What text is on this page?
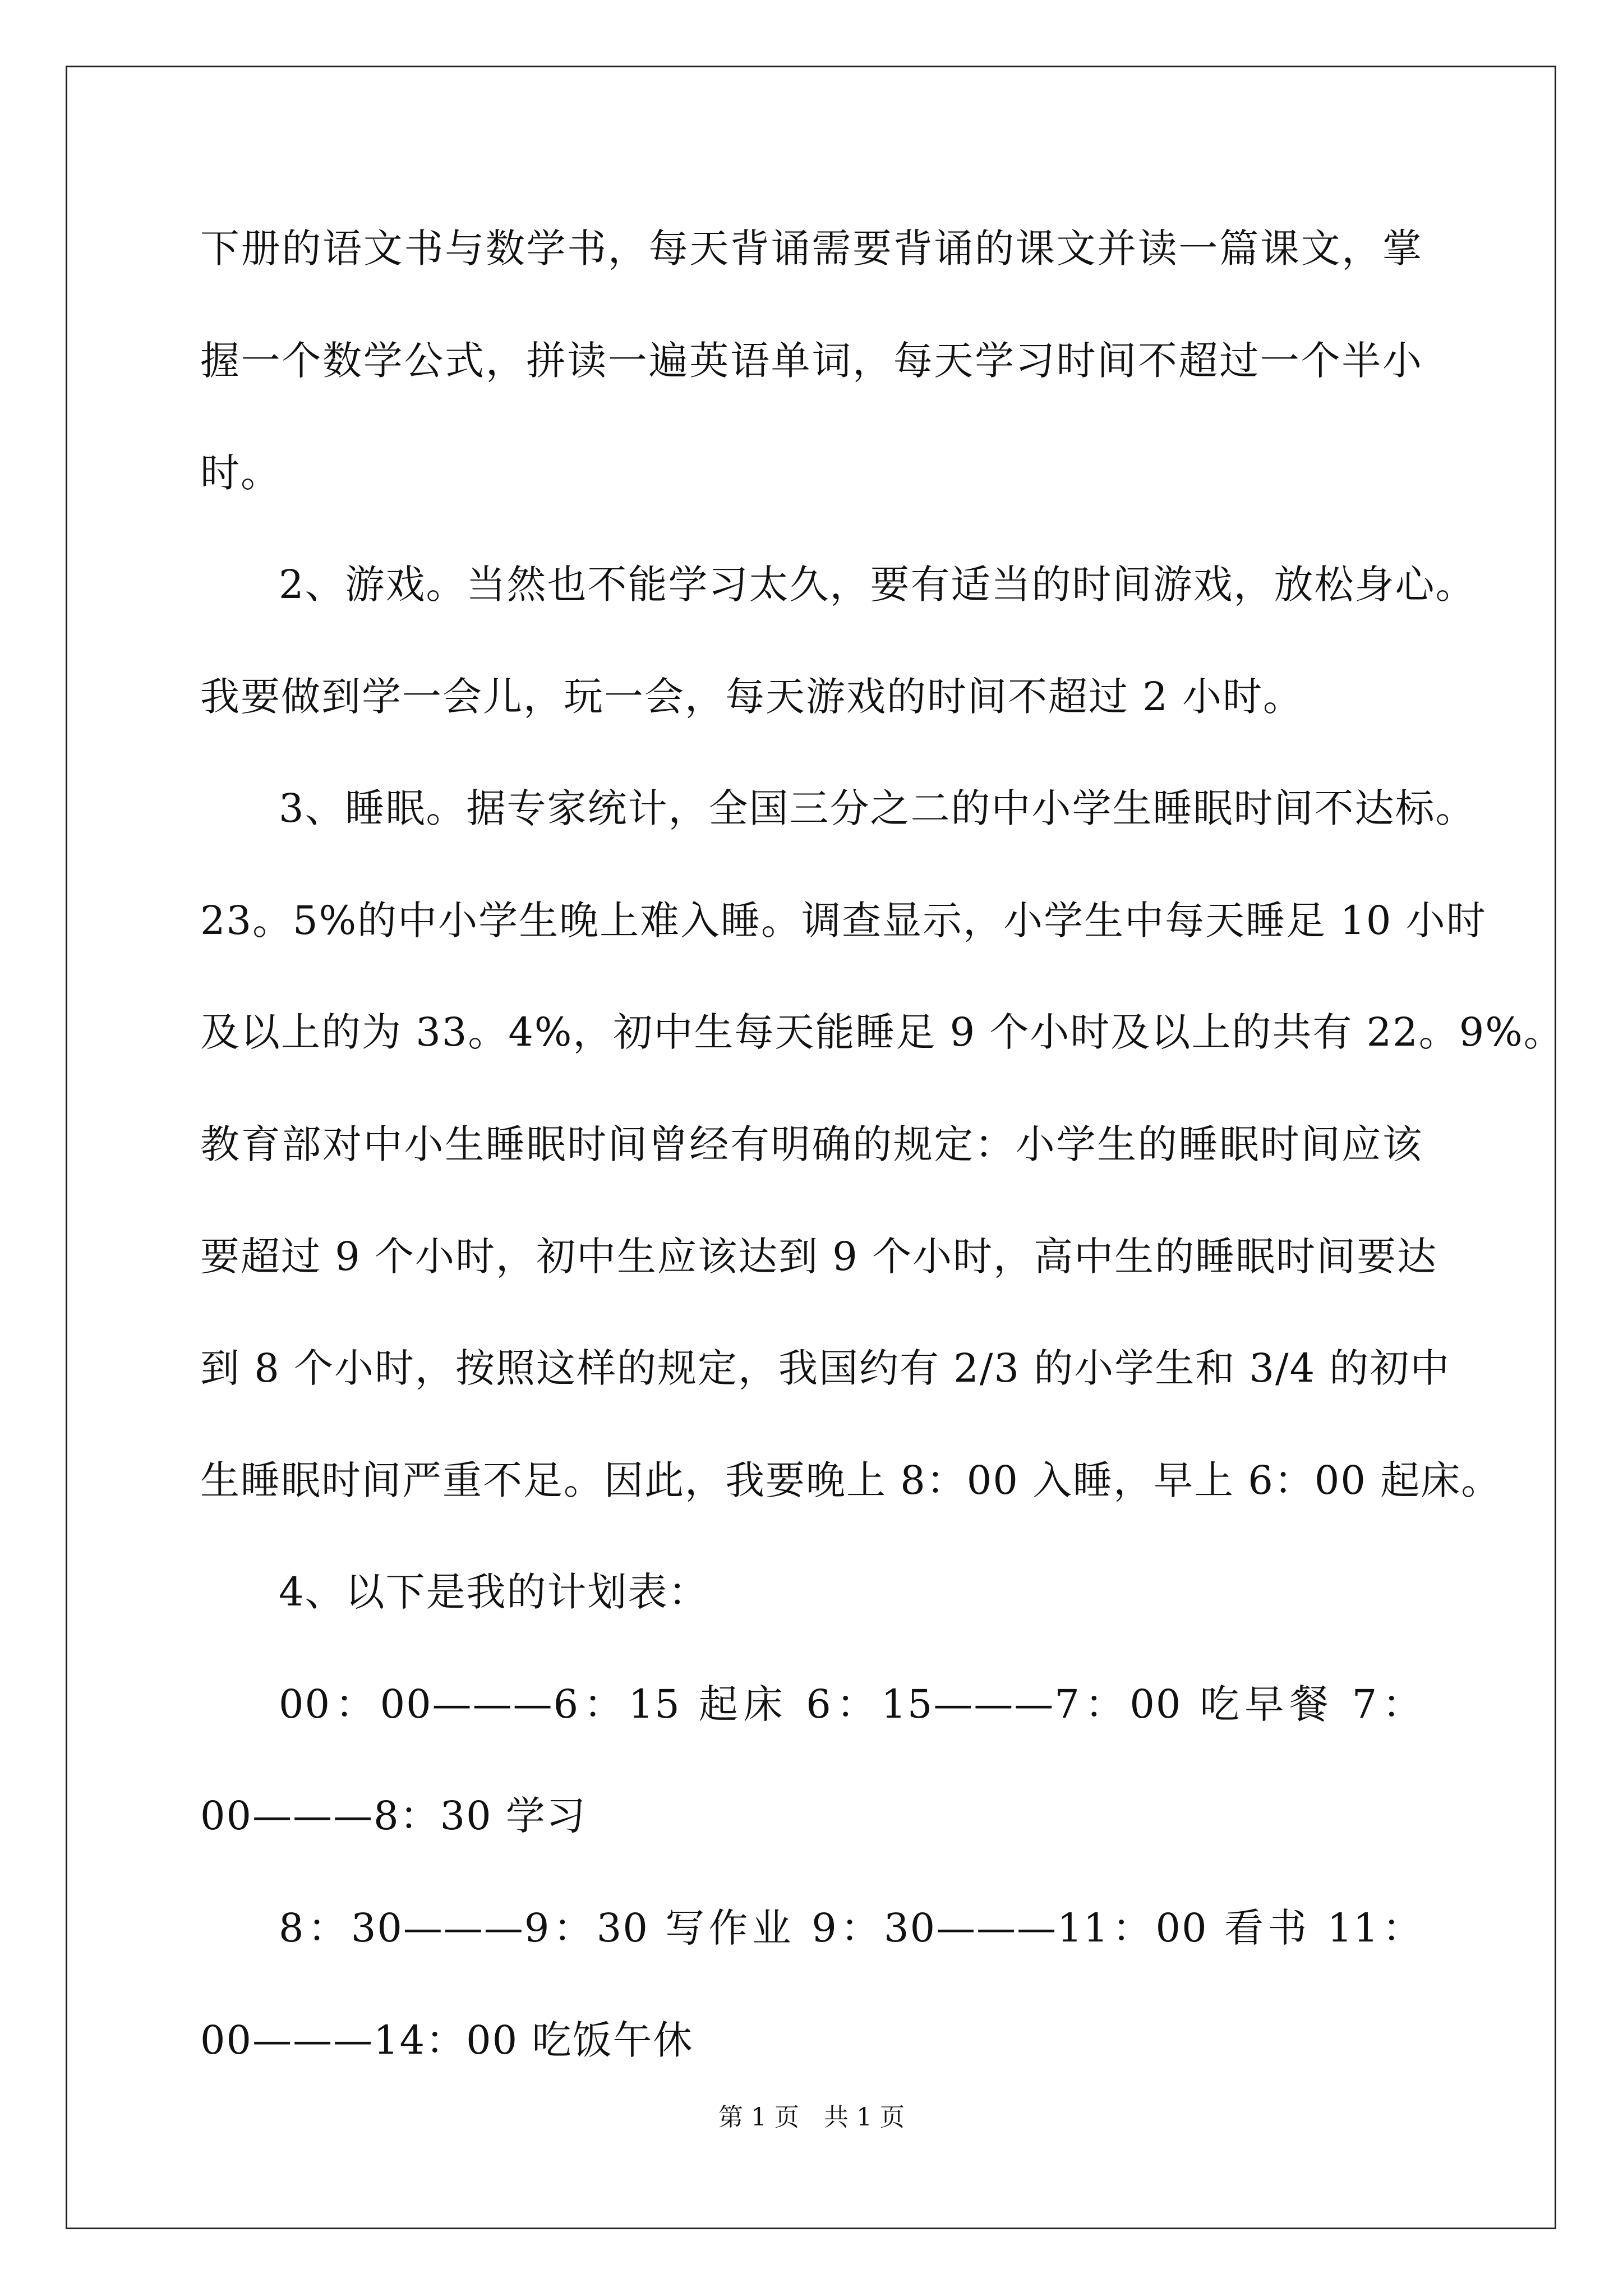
下册的语文书与数学书，每天背诵需要背诵的课文并读一篇课文，掌

握一个数学公式，拼读一遍英语单词，每天学习时间不超过一个半小

时。

2、游戏。当然也不能学习太久，要有适当的时间游戏，放松身心。

我要做到学一会儿，玩一会，每天游戏的时间不超过 2 小时。

3、睡眠。据专家统计，全国三分之二的中小学生睡眠时间不达标。

23。5%的中小学生晚上难入睡。调查显示，小学生中每天睡足 10 小时

及以上的为 33。4%，初中生每天能睡足 9 个小时及以上的共有 22。9%。

教育部对中小生睡眠时间曾经有明确的规定：小学生的睡眠时间应该

要超过 9 个小时，初中生应该达到 9 个小时，高中生的睡眠时间要达

到 8 个小时，按照这样的规定，我国约有 2/3 的小学生和 3/4 的初中

生睡眠时间严重不足。因此，我要晚上 8：00 入睡，早上 6：00 起床。

4、以下是我的计划表：

00：00———6：15 起床 6：15———7：00 吃早餐 7：

00———8：30 学习

8：30———9：30 写作业 9：30———11：00 看书 11：

00———14：00 吃饭午休

第 1 页　共 1 页
